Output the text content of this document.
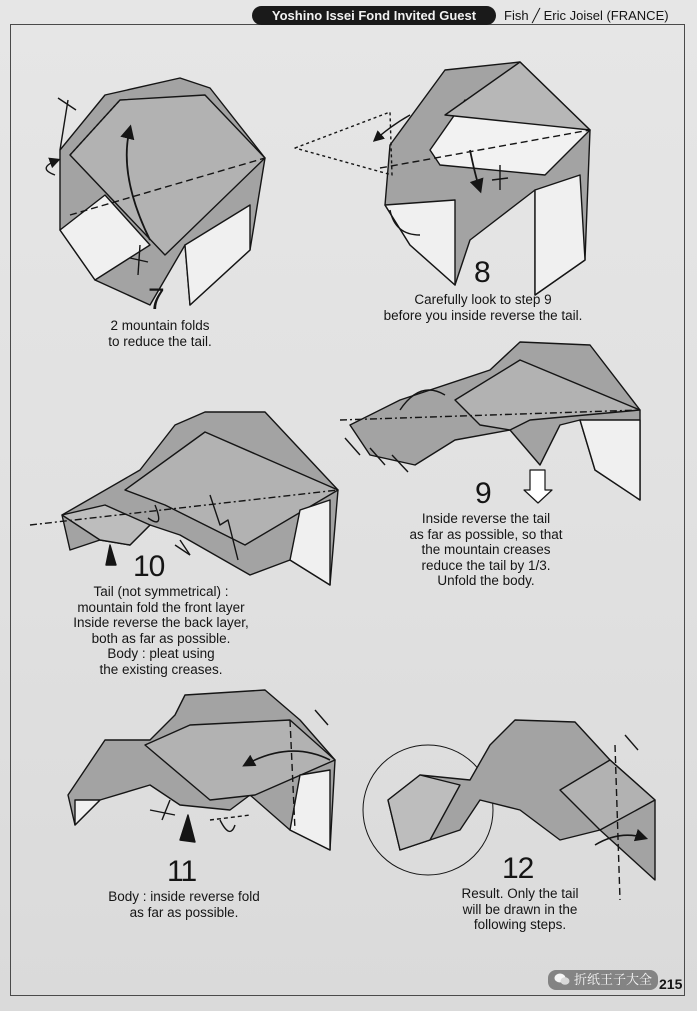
Yoshino Issei Fond Invited Guest	Fish ╱ Eric Joisel (FRANCE)
7
2 mountain folds
to reduce the tail.
8
Carefully look to step 9
before you inside reverse the tail.
9
Inside reverse the tail
as far as possible, so that
the mountain creases
reduce the tail by 1/3.
Unfold the body.
10
Tail (not symmetrical) :
mountain fold the front layer
Inside reverse the back layer,
both as far as possible.
Body : pleat using
the existing creases.
11
Body : inside reverse fold
as far as possible.
12
Result. Only the tail
will be drawn in the
following steps.
折纸王子大全 215
